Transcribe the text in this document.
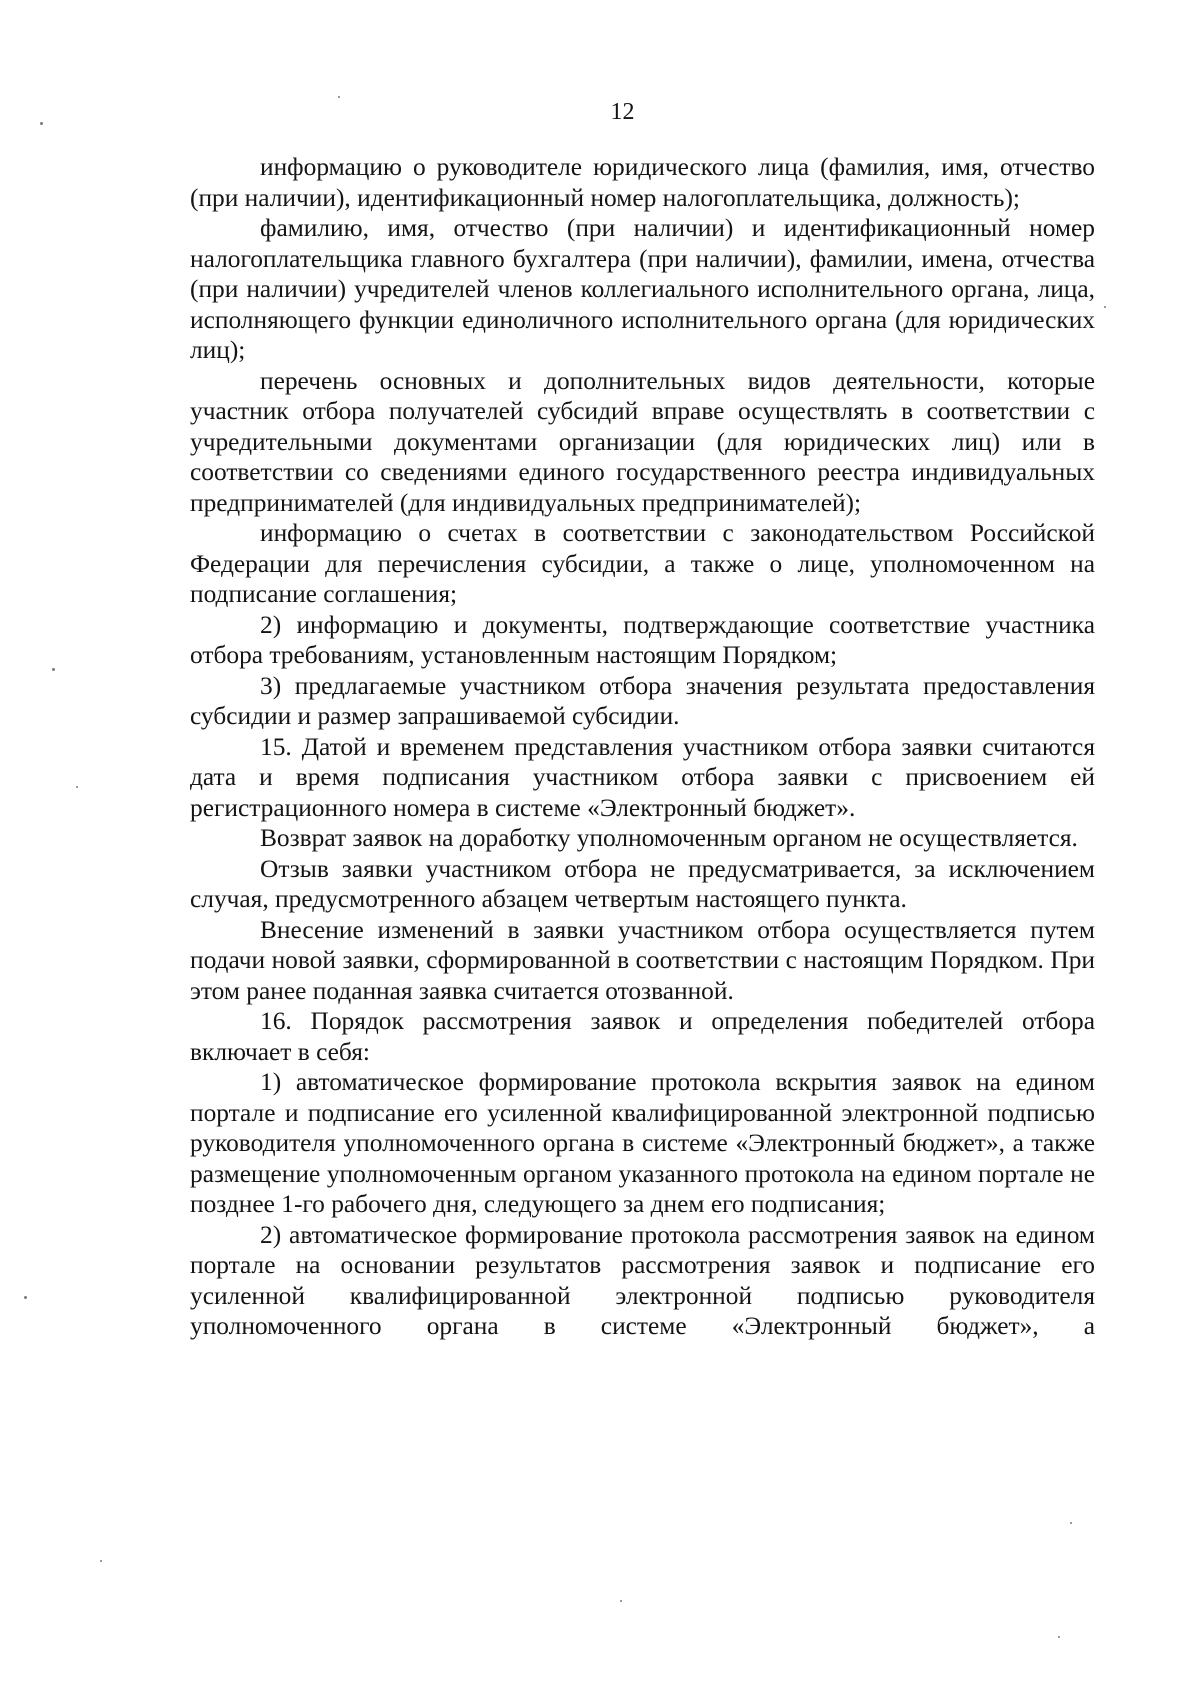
12

информацию о руководителе юридического лица (фамилия, имя, отчество (при наличии), идентификационный номер налогоплательщика, должность);

фамилию, имя, отчество (при наличии) и идентификационный номер налогоплательщика главного бухгалтера (при наличии), фамилии, имена, отчества (при наличии) учредителей членов коллегиального исполнительного органа, лица, исполняющего функции единоличного исполнительного органа (для юридических лиц);

перечень основных и дополнительных видов деятельности, которые участник отбора получателей субсидий вправе осуществлять в соответствии с учредительными документами организации (для юридических лиц) или в соответствии со сведениями единого государственного реестра индивидуальных предпринимателей (для индивидуальных предпринимателей);

информацию о счетах в соответствии с законодательством Российской Федерации для перечисления субсидии, а также о лице, уполномоченном на подписание соглашения;

2) информацию и документы, подтверждающие соответствие участника отбора требованиям, установленным настоящим Порядком;

3) предлагаемые участником отбора значения результата предоставления субсидии и размер запрашиваемой субсидии.

15. Датой и временем представления участником отбора заявки считаются дата и время подписания участником отбора заявки с присвоением ей регистрационного номера в системе «Электронный бюджет».

Возврат заявок на доработку уполномоченным органом не осуществляется.

Отзыв заявки участником отбора не предусматривается, за исключением случая, предусмотренного абзацем четвертым настоящего пункта.

Внесение изменений в заявки участником отбора осуществляется путем подачи новой заявки, сформированной в соответствии с настоящим Порядком. При этом ранее поданная заявка считается отозванной.

16. Порядок рассмотрения заявок и определения победителей отбора включает в себя:

1) автоматическое формирование протокола вскрытия заявок на едином портале и подписание его усиленной квалифицированной электронной подписью руководителя уполномоченного органа в системе «Электронный бюджет», а также размещение уполномоченным органом указанного протокола на едином портале не позднее 1-го рабочего дня, следующего за днем его подписания;

2) автоматическое формирование протокола рассмотрения заявок на едином портале на основании результатов рассмотрения заявок и подписание его усиленной квалифицированной электронной подписью руководителя уполномоченного органа в системе «Электронный бюджет», а
